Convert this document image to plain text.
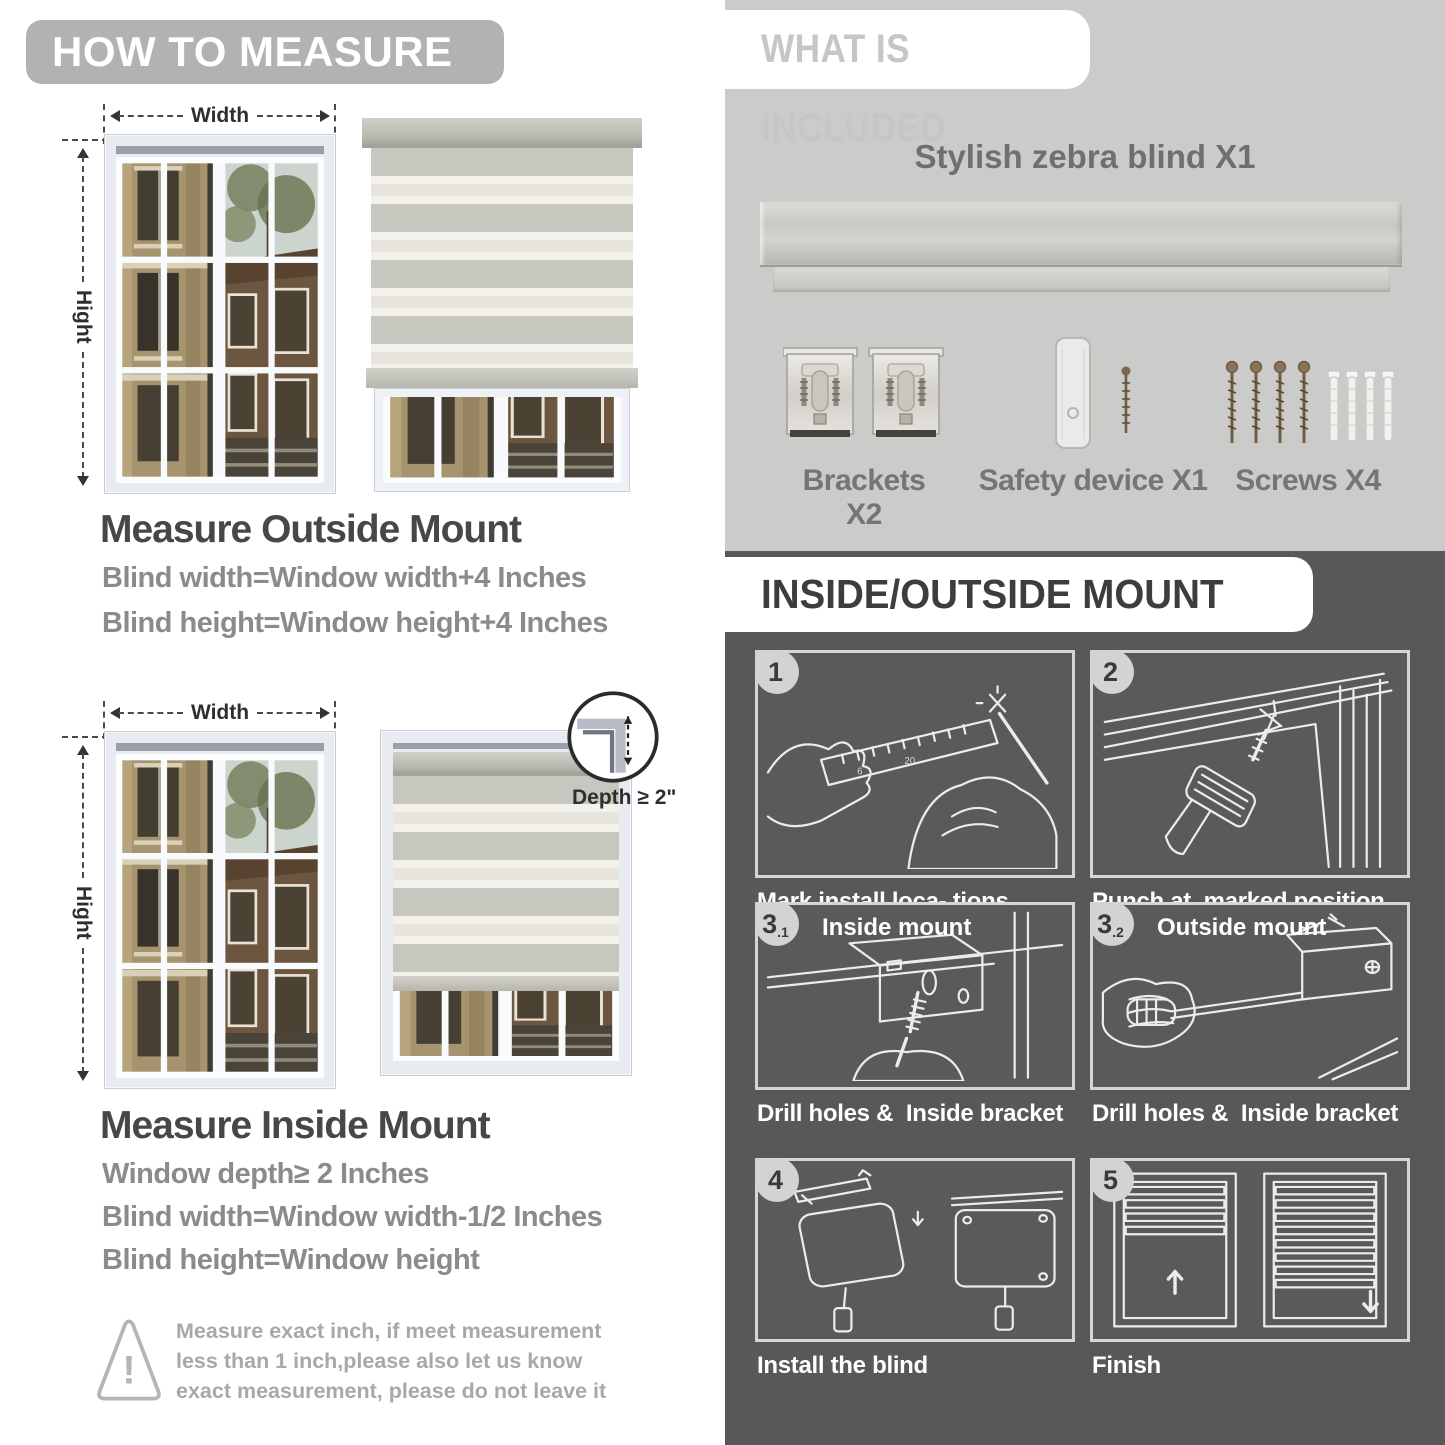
HOW TO MEASURE
Width
Hight
Measure Outside Mount
Blind width=Window width+4 Inches
Blind height=Window height+4 Inches
Width
Hight
Depth ≥ 2"
Measure Inside Mount
Window depth≥ 2 Inches
Blind width=Window width-1/2 Inches
Blind height=Window height
!
Measure exact inch, if meet measurement less than 1 inch,please also let us know exact measurement, please do not leave it
WHAT IS INCLUDED
Stylish zebra blind X1
Brackets X2
Safety device X1 Screws X4
INSIDE/OUTSIDE MOUNT
1
6
20

2

3 .1 Inside mount

Drill holes &  Inside bracket

3 .2 Outside mount

Drill holes &  Inside bracket

4

Install the blind

5

Finish
